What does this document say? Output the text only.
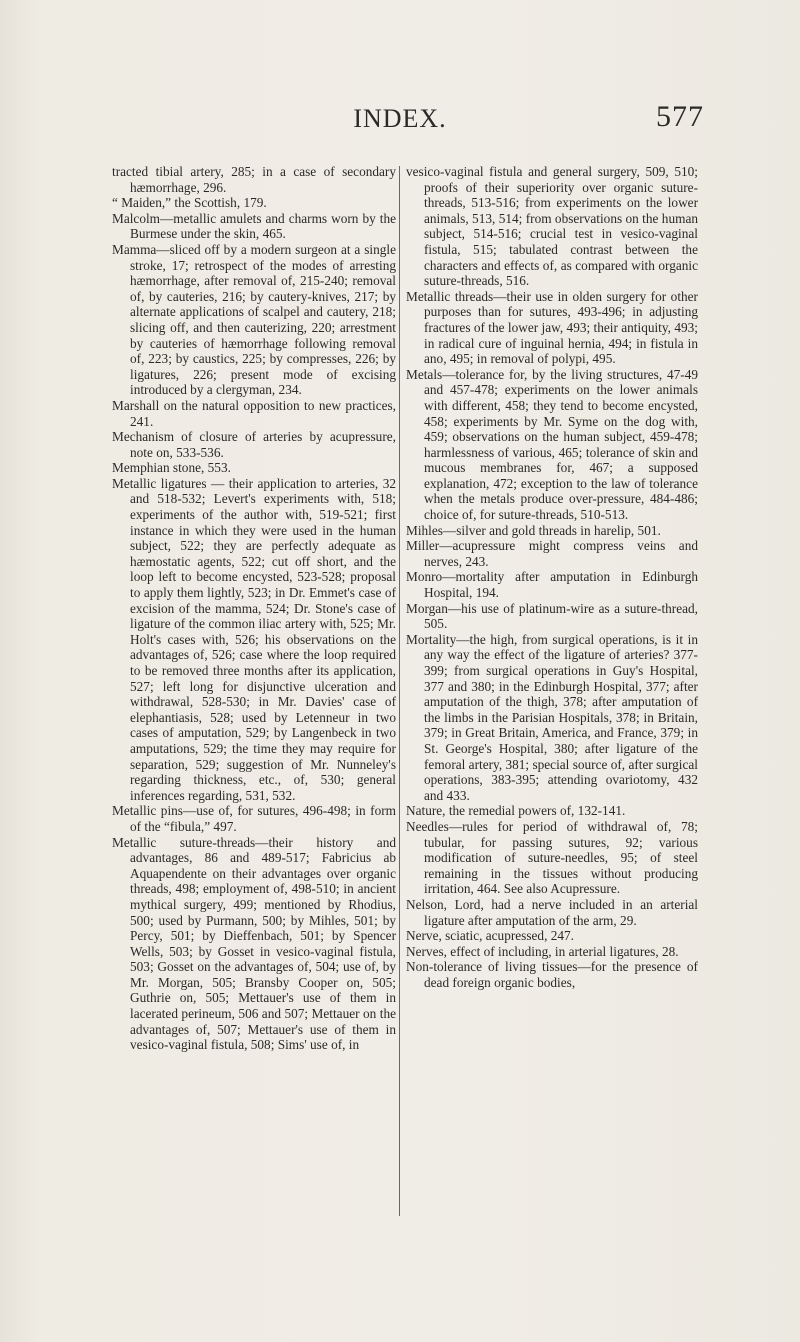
INDEX.	577

tracted tibial artery, 285; in a case of secondary hæmorrhage, 296.

“ Maiden,” the Scottish, 179.

Malcolm—metallic amulets and charms worn by the Burmese under the skin, 465.

Mamma—sliced off by a modern surgeon at a single stroke, 17; retrospect of the modes of arresting hæmorrhage, after removal of, 215-240; removal of, by cauteries, 216; by cautery-knives, 217; by alternate applications of scalpel and cautery, 218; slicing off, and then cauterizing, 220; arrestment by cauteries of hæmorrhage following removal of, 223; by caustics, 225; by compresses, 226; by ligatures, 226; present mode of excising introduced by a clergyman, 234.

Marshall on the natural opposition to new practices, 241.

Mechanism of closure of arteries by acupressure, note on, 533-536.

Memphian stone, 553.

Metallic ligatures — their application to arteries, 32 and 518-532; Levert's experiments with, 518; experiments of the author with, 519-521; first instance in which they were used in the human subject, 522; they are perfectly adequate as hæmostatic agents, 522; cut off short, and the loop left to become encysted, 523-528; proposal to apply them lightly, 523; in Dr. Emmet's case of excision of the mamma, 524; Dr. Stone's case of ligature of the common iliac artery with, 525; Mr. Holt's cases with, 526; his observations on the advantages of, 526; case where the loop required to be removed three months after its application, 527; left long for disjunctive ulceration and withdrawal, 528-530; in Mr. Davies' case of elephantiasis, 528; used by Letenneur in two cases of amputation, 529; by Langenbeck in two amputations, 529; the time they may require for separation, 529; suggestion of Mr. Nunneley's regarding thickness, etc., of, 530; general inferences regarding, 531, 532.

Metallic pins—use of, for sutures, 496-498; in form of the “fibula,” 497.

Metallic suture-threads—their history and advantages, 86 and 489-517; Fabricius ab Aquapendente on their advantages over organic threads, 498; employment of, 498-510; in ancient mythical surgery, 499; mentioned by Rhodius, 500; used by Purmann, 500; by Mihles, 501; by Percy, 501; by Dieffenbach, 501; by Spencer Wells, 503; by Gosset in vesico-vaginal fistula, 503; Gosset on the advantages of, 504; use of, by Mr. Morgan, 505; Bransby Cooper on, 505; Guthrie on, 505; Mettauer's use of them in lacerated perineum, 506 and 507; Mettauer on the advantages of, 507; Mettauer's use of them in vesico-vaginal fistula, 508; Sims' use of, in

vesico-vaginal fistula and general surgery, 509, 510; proofs of their superiority over organic suture-threads, 513-516; from experiments on the lower animals, 513, 514; from observations on the human subject, 514-516; crucial test in vesico-vaginal fistula, 515; tabulated contrast between the characters and effects of, as compared with organic suture-threads, 516.

Metallic threads—their use in olden surgery for other purposes than for sutures, 493-496; in adjusting fractures of the lower jaw, 493; their antiquity, 493; in radical cure of inguinal hernia, 494; in fistula in ano, 495; in removal of polypi, 495.

Metals—tolerance for, by the living structures, 47-49 and 457-478; experiments on the lower animals with different, 458; they tend to become encysted, 458; experiments by Mr. Syme on the dog with, 459; observations on the human subject, 459-478; harmlessness of various, 465; tolerance of skin and mucous membranes for, 467; a supposed explanation, 472; exception to the law of tolerance when the metals produce over-pressure, 484-486; choice of, for suture-threads, 510-513.

Mihles—silver and gold threads in harelip, 501.

Miller—acupressure might compress veins and nerves, 243.

Monro—mortality after amputation in Edinburgh Hospital, 194.

Morgan—his use of platinum-wire as a suture-thread, 505.

Mortality—the high, from surgical operations, is it in any way the effect of the ligature of arteries? 377-399; from surgical operations in Guy's Hospital, 377 and 380; in the Edinburgh Hospital, 377; after amputation of the thigh, 378; after amputation of the limbs in the Parisian Hospitals, 378; in Britain, 379; in Great Britain, America, and France, 379; in St. George's Hospital, 380; after ligature of the femoral artery, 381; special source of, after surgical operations, 383-395; attending ovariotomy, 432 and 433.

Nature, the remedial powers of, 132-141.

Needles—rules for period of withdrawal of, 78; tubular, for passing sutures, 92; various modification of suture-needles, 95; of steel remaining in the tissues without producing irritation, 464. See also Acupressure.

Nelson, Lord, had a nerve included in an arterial ligature after amputation of the arm, 29.

Nerve, sciatic, acupressed, 247.

Nerves, effect of including, in arterial ligatures, 28.

Non-tolerance of living tissues—for the presence of dead foreign organic bodies,
